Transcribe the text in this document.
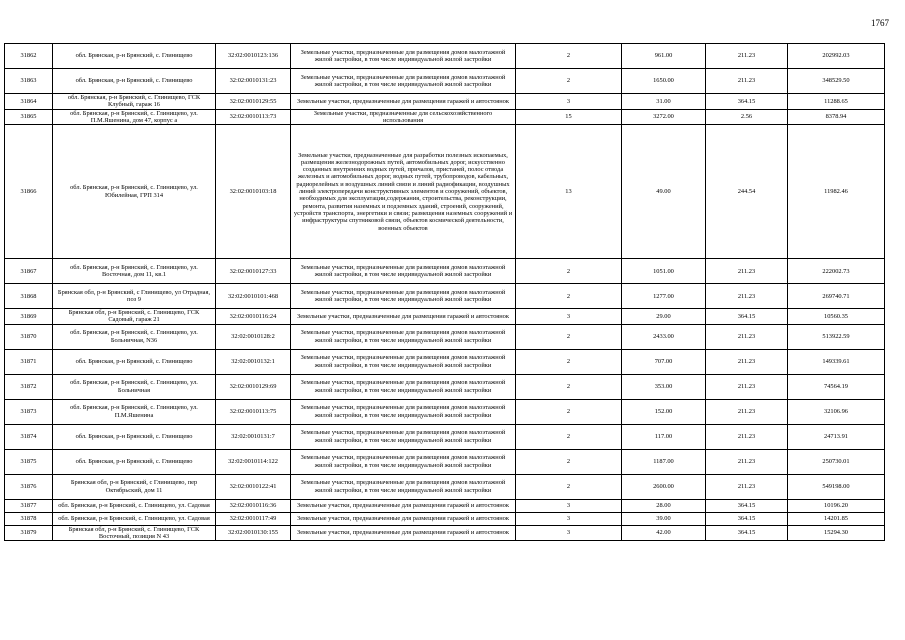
1767
31862	обл. Брянская, р-н Брянский, с. Глинищево	32:02:0010123:136	Земельные участки, предназначенные для размещения домов малоэтажной жилой застройки, в том числе индивидуальной жилой застройки	2	961.00	211.23	202992.03
31863	обл. Брянская, р-н Брянский, с. Глинищево	32:02:0010131:23	Земельные участки, предназначенные для размещения домов малоэтажной жилой застройки, в том числе индивидуальной жилой застройки	2	1650.00	211.23	348529.50
31864	обл. Брянская, р-н Брянский, с. Глинищево, ГСК Клубный, гараж 16	32:02:0010129:55	Земельные участки, предназначенные для размещения гаражей и автостоянок	3	31.00	364.15	11288.65
31865	обл. Брянская, р-н Брянский, с. Глинищево, ул. П.М.Яшенина, дом 47, корпус а	32:02:0010113:73	Земельные участки, предназначенные для сельскохозяйственного использования	15	3272.00	2.56	8378.94
31866	обл. Брянская, р-н Брянский, с. Глинищево, ул. Юбилейная, ГРП 314	32:02:0010103:18	Земельные участки, предназначенные для разработки полезных ископаемых, размещения железнодорожных путей, автомобильных дорог, искусственно созданных внутренних водных путей, причалов, пристаней, полос отвода железных и автомобильных дорог, водных путей, трубопроводов, кабельных, радиорелейных и воздушных линий связи и линий радиофикации, воздушных линий электропередачи конструктивных элементов и сооружений, объектов, необходимых для эксплуатации,содержания, строительства, реконструкции, ремонта, развития наземных и подземных зданий, строений, сооружений, устройств транспорта, энергетики и связи; размещения наземных сооружений и инфраструктуры спутниковой связи, объектов космической деятельности, военных объектов	13	49.00	244.54	11982.46
31867	обл. Брянская, р-н Брянский, с. Глинищево, ул. Восточная, дом 11, кв.1	32:02:0010127:33	Земельные участки, предназначенные для размещения домов малоэтажной жилой застройки, в том числе индивидуальной жилой застройки	2	1051.00	211.23	222002.73
31868	Брянская обл, р-н Брянский, с Глинищево, ул Отрадная, поз 9	32:02:0010101:468	Земельные участки, предназначенные для размещения домов малоэтажной жилой застройки, в том числе индивидуальной жилой застройки	2	1277.00	211.23	269740.71
31869	Брянская обл, р-н Брянский, с. Глинищево, ГСК Садовый, гараж 21	32:02:0010116:24	Земельные участки, предназначенные для размещения гаражей и автостоянок	3	29.00	364.15	10560.35
31870	обл. Брянская, р-н Брянский, с. Глинищево, ул. Больничная, N36	32:02:0010128:2	Земельные участки, предназначенные для размещения домов малоэтажной жилой застройки, в том числе индивидуальной жилой застройки	2	2433.00	211.23	513922.59
31871	обл. Брянская, р-н Брянский, с. Глинищево	32:02:0010132:1	Земельные участки, предназначенные для размещения домов малоэтажной жилой застройки, в том числе индивидуальной жилой застройки	2	707.00	211.23	149339.61
31872	обл. Брянская, р-н Брянский, с. Глинищево, ул. Больничная	32:02:0010129:69	Земельные участки, предназначенные для размещения домов малоэтажной жилой застройки, в том числе индивидуальной жилой застройки	2	353.00	211.23	74564.19
31873	обл. Брянская, р-н Брянский, с. Глинищево, ул. П.М.Яшенина	32:02:0010113:75	Земельные участки, предназначенные для размещения домов малоэтажной жилой застройки, в том числе индивидуальной жилой застройки	2	152.00	211.23	32106.96
31874	обл. Брянская, р-н Брянский, с. Глинищево	32:02:0010131:7	Земельные участки, предназначенные для размещения домов малоэтажной жилой застройки, в том числе индивидуальной жилой застройки	2	117.00	211.23	24713.91
31875	обл. Брянская, р-н Брянский, с. Глинищево	32:02:0010114:122	Земельные участки, предназначенные для размещения домов малоэтажной жилой застройки, в том числе индивидуальной жилой застройки	2	1187.00	211.23	250730.01
31876	Брянская обл, р-н Брянский, с Глинищево, пер Октябрьский, дом 11	32:02:0010122:41	Земельные участки, предназначенные для размещения домов малоэтажной жилой застройки, в том числе индивидуальной жилой застройки	2	2600.00	211.23	549198.00
31877	обл. Брянская, р-н Брянский, с. Глинищево, ул. Садовая	32:02:0010116:36	Земельные участки, предназначенные для размещения гаражей и автостоянок	3	28.00	364.15	10196.20
31878	обл. Брянская, р-н Брянский, с. Глинищево, ул. Садовая	32:02:0010117:49	Земельные участки, предназначенные для размещения гаражей и автостоянок	3	39.00	364.15	14201.85
31879	Брянская обл, р-н Брянский, с. Глинищево, ГСК Восточный, позиция N 43	32:02:0010130:155	Земельные участки, предназначенные для размещения гаражей и автостоянок	3	42.00	364.15	15294.30
